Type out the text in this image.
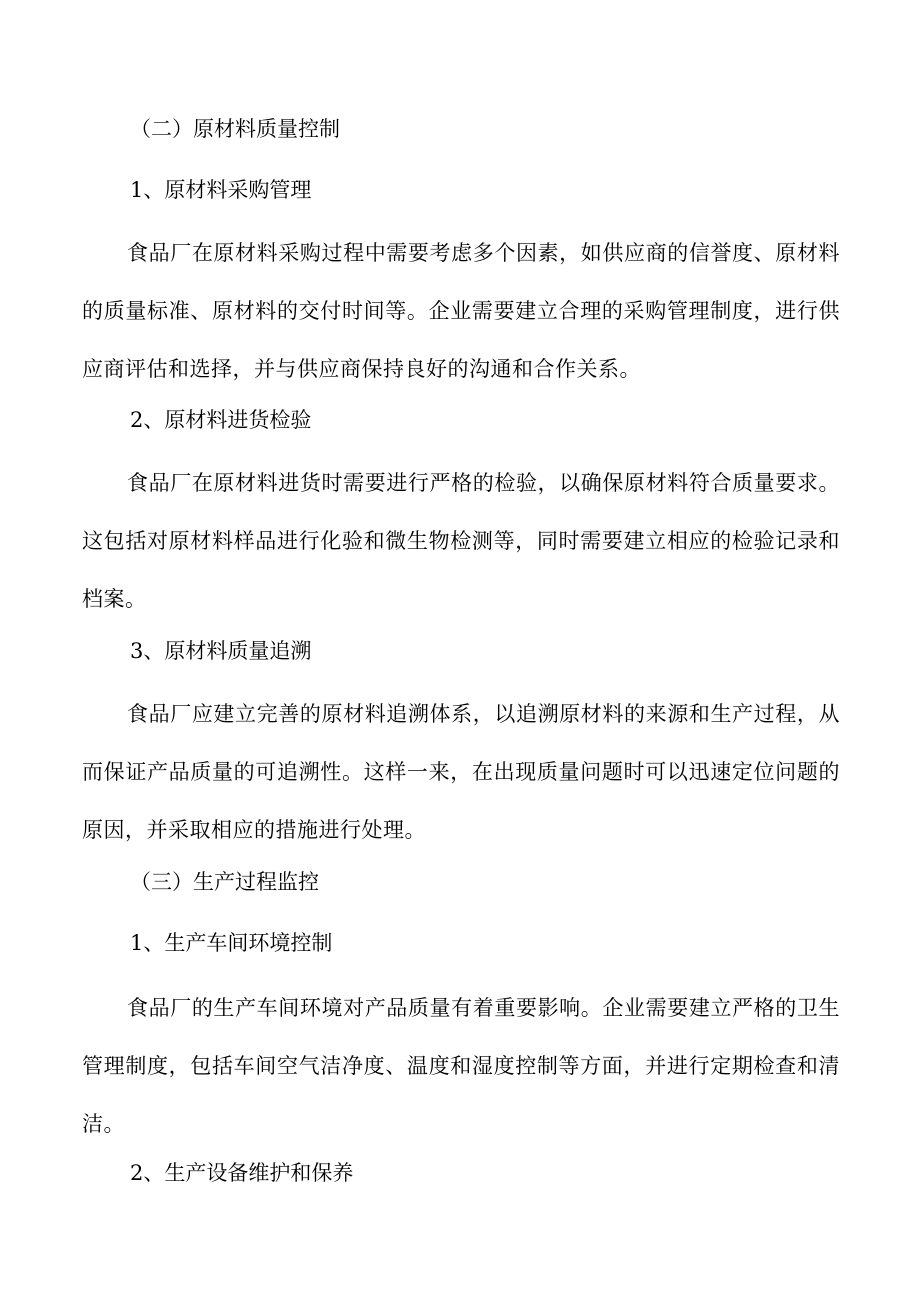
（二）原材料质量控制

1、原材料采购管理

食品厂在原材料采购过程中需要考虑多个因素，如供应商的信誉度、原材料的质量标准、原材料的交付时间等。企业需要建立合理的采购管理制度，进行供应商评估和选择，并与供应商保持良好的沟通和合作关系。

2、原材料进货检验

食品厂在原材料进货时需要进行严格的检验，以确保原材料符合质量要求。这包括对原材料样品进行化验和微生物检测等，同时需要建立相应的检验记录和档案。

3、原材料质量追溯

食品厂应建立完善的原材料追溯体系，以追溯原材料的来源和生产过程，从而保证产品质量的可追溯性。这样一来，在出现质量问题时可以迅速定位问题的原因，并采取相应的措施进行处理。

（三）生产过程监控

1、生产车间环境控制

食品厂的生产车间环境对产品质量有着重要影响。企业需要建立严格的卫生管理制度，包括车间空气洁净度、温度和湿度控制等方面，并进行定期检查和清洁。

2、生产设备维护和保养
